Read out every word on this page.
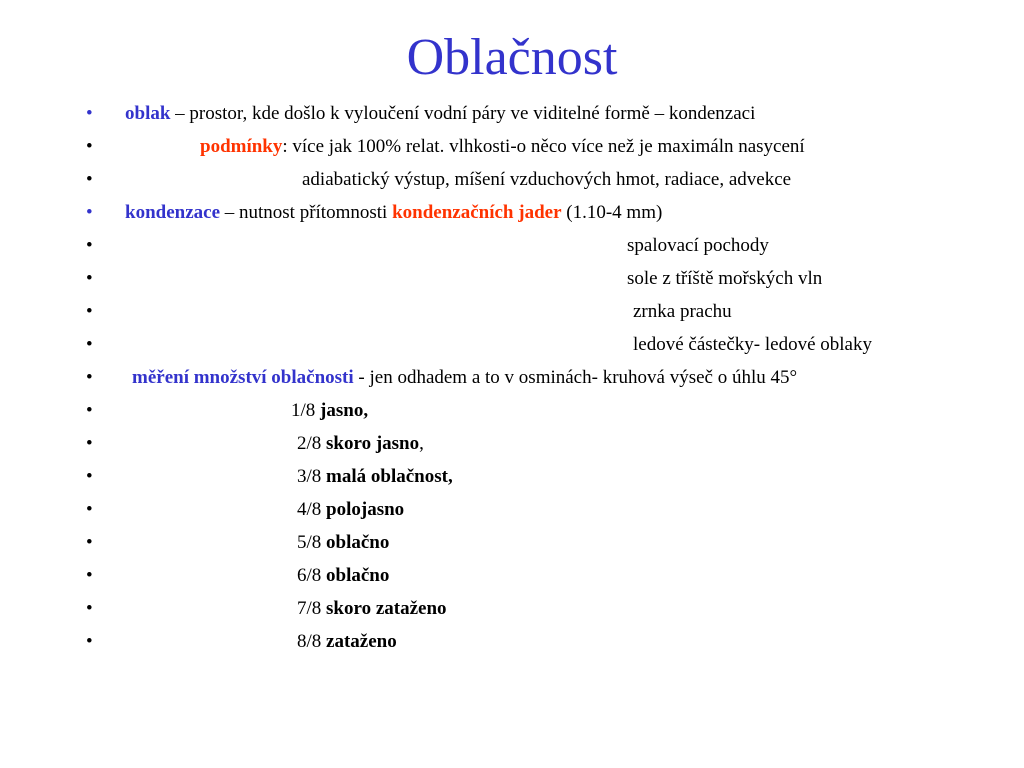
Oblačnost
• oblak – prostor, kde došlo k vyloučení vodní páry ve viditelné formě – kondenzaci
•	podmínky: více jak 100% relat. vlhkosti-o něco více než je maximáln nasycení
•	adiabatický výstup, míšení vzduchových hmot, radiace, advekce
• kondenzace – nutnost přítomnosti kondenzačních jader (1.10-4 mm)
•	spalovací pochody
•	sole z tříště mořských vln
•	zrnka prachu
•	ledové částečky- ledové oblaky
• měření množství oblačnosti - jen odhadem a to v osminách- kruhová výseč o úhlu 45°
•	1/8 jasno,
•	2/8 skoro jasno,
•	3/8 malá oblačnost,
•	4/8 polojasno
•	5/8 oblačno
•	6/8 oblačno
•	7/8 skoro zataženo
•	8/8 zataženo
